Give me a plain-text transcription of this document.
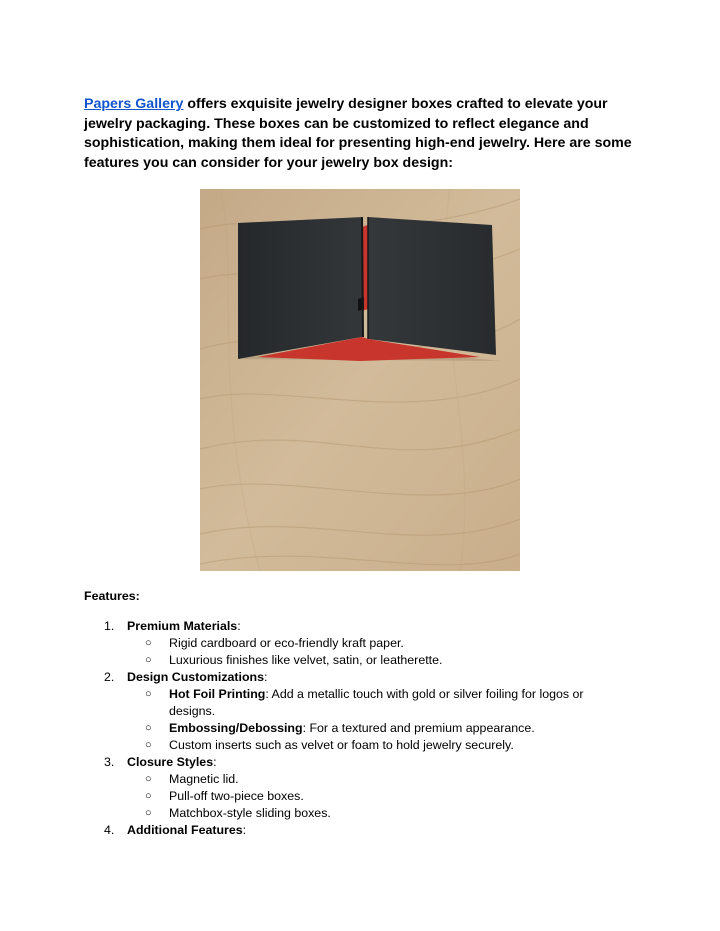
Papers Gallery offers exquisite jewelry designer boxes crafted to elevate your jewelry packaging. These boxes can be customized to reflect elegance and sophistication, making them ideal for presenting high-end jewelry. Here are some features you can consider for your jewelry box design:

Features:

1.	Premium Materials:
○ Rigid cardboard or eco-friendly kraft paper.
○ Luxurious finishes like velvet, satin, or leatherette.
2.	Design Customizations:
○ Hot Foil Printing: Add a metallic touch with gold or silver foiling for logos or
designs.
○ Embossing/Debossing: For a textured and premium appearance.
○ Custom inserts such as velvet or foam to hold jewelry securely.
3.	Closure Styles:
○ Magnetic lid.
○ Pull-off two-piece boxes.
○ Matchbox-style sliding boxes.
4.	Additional Features:
